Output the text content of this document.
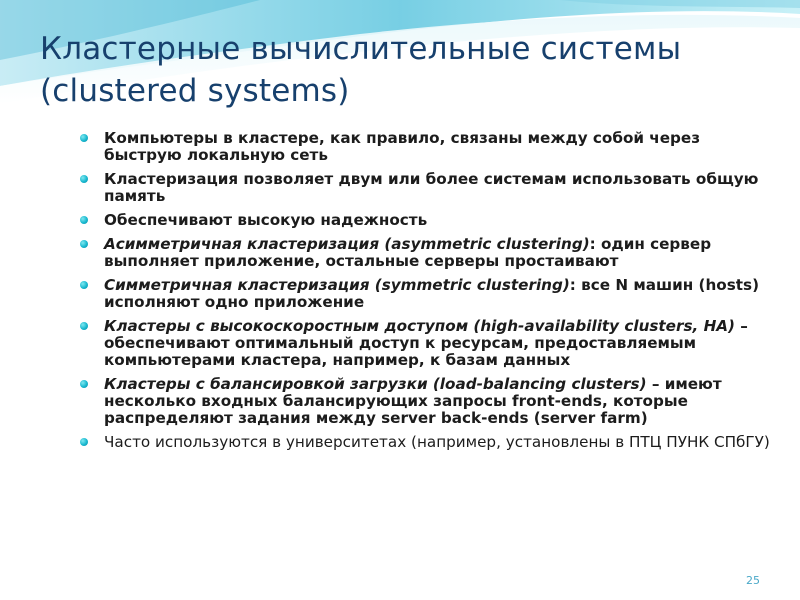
Кластерные вычислительные системы
(clustered systems)
Компьютеры в кластере, как правило, связаны между собой через быструю локальную сеть
Кластеризация позволяет двум или более системам использовать общую память
Обеспечивают высокую надежность
Асимметричная кластеризация (asymmetric clustering): один сервер выполняет приложение, остальные серверы простаивают
Симметричная кластеризация (symmetric clustering): все N машин (hosts) исполняют одно приложение
Кластеры с высокоскоростным доступом (high-availability clusters, HA) – обеспечивают оптимальный доступ к ресурсам, предоставляемым компьютерами кластера, например, к базам данных
Кластеры с балансировкой загрузки (load-balancing clusters) – имеют несколько входных балансирующих запросы front-ends, которые распределяют задания между server back-ends (server farm)
Часто используются в университетах (например, установлены в ПТЦ ПУНК СПбГУ)
25
